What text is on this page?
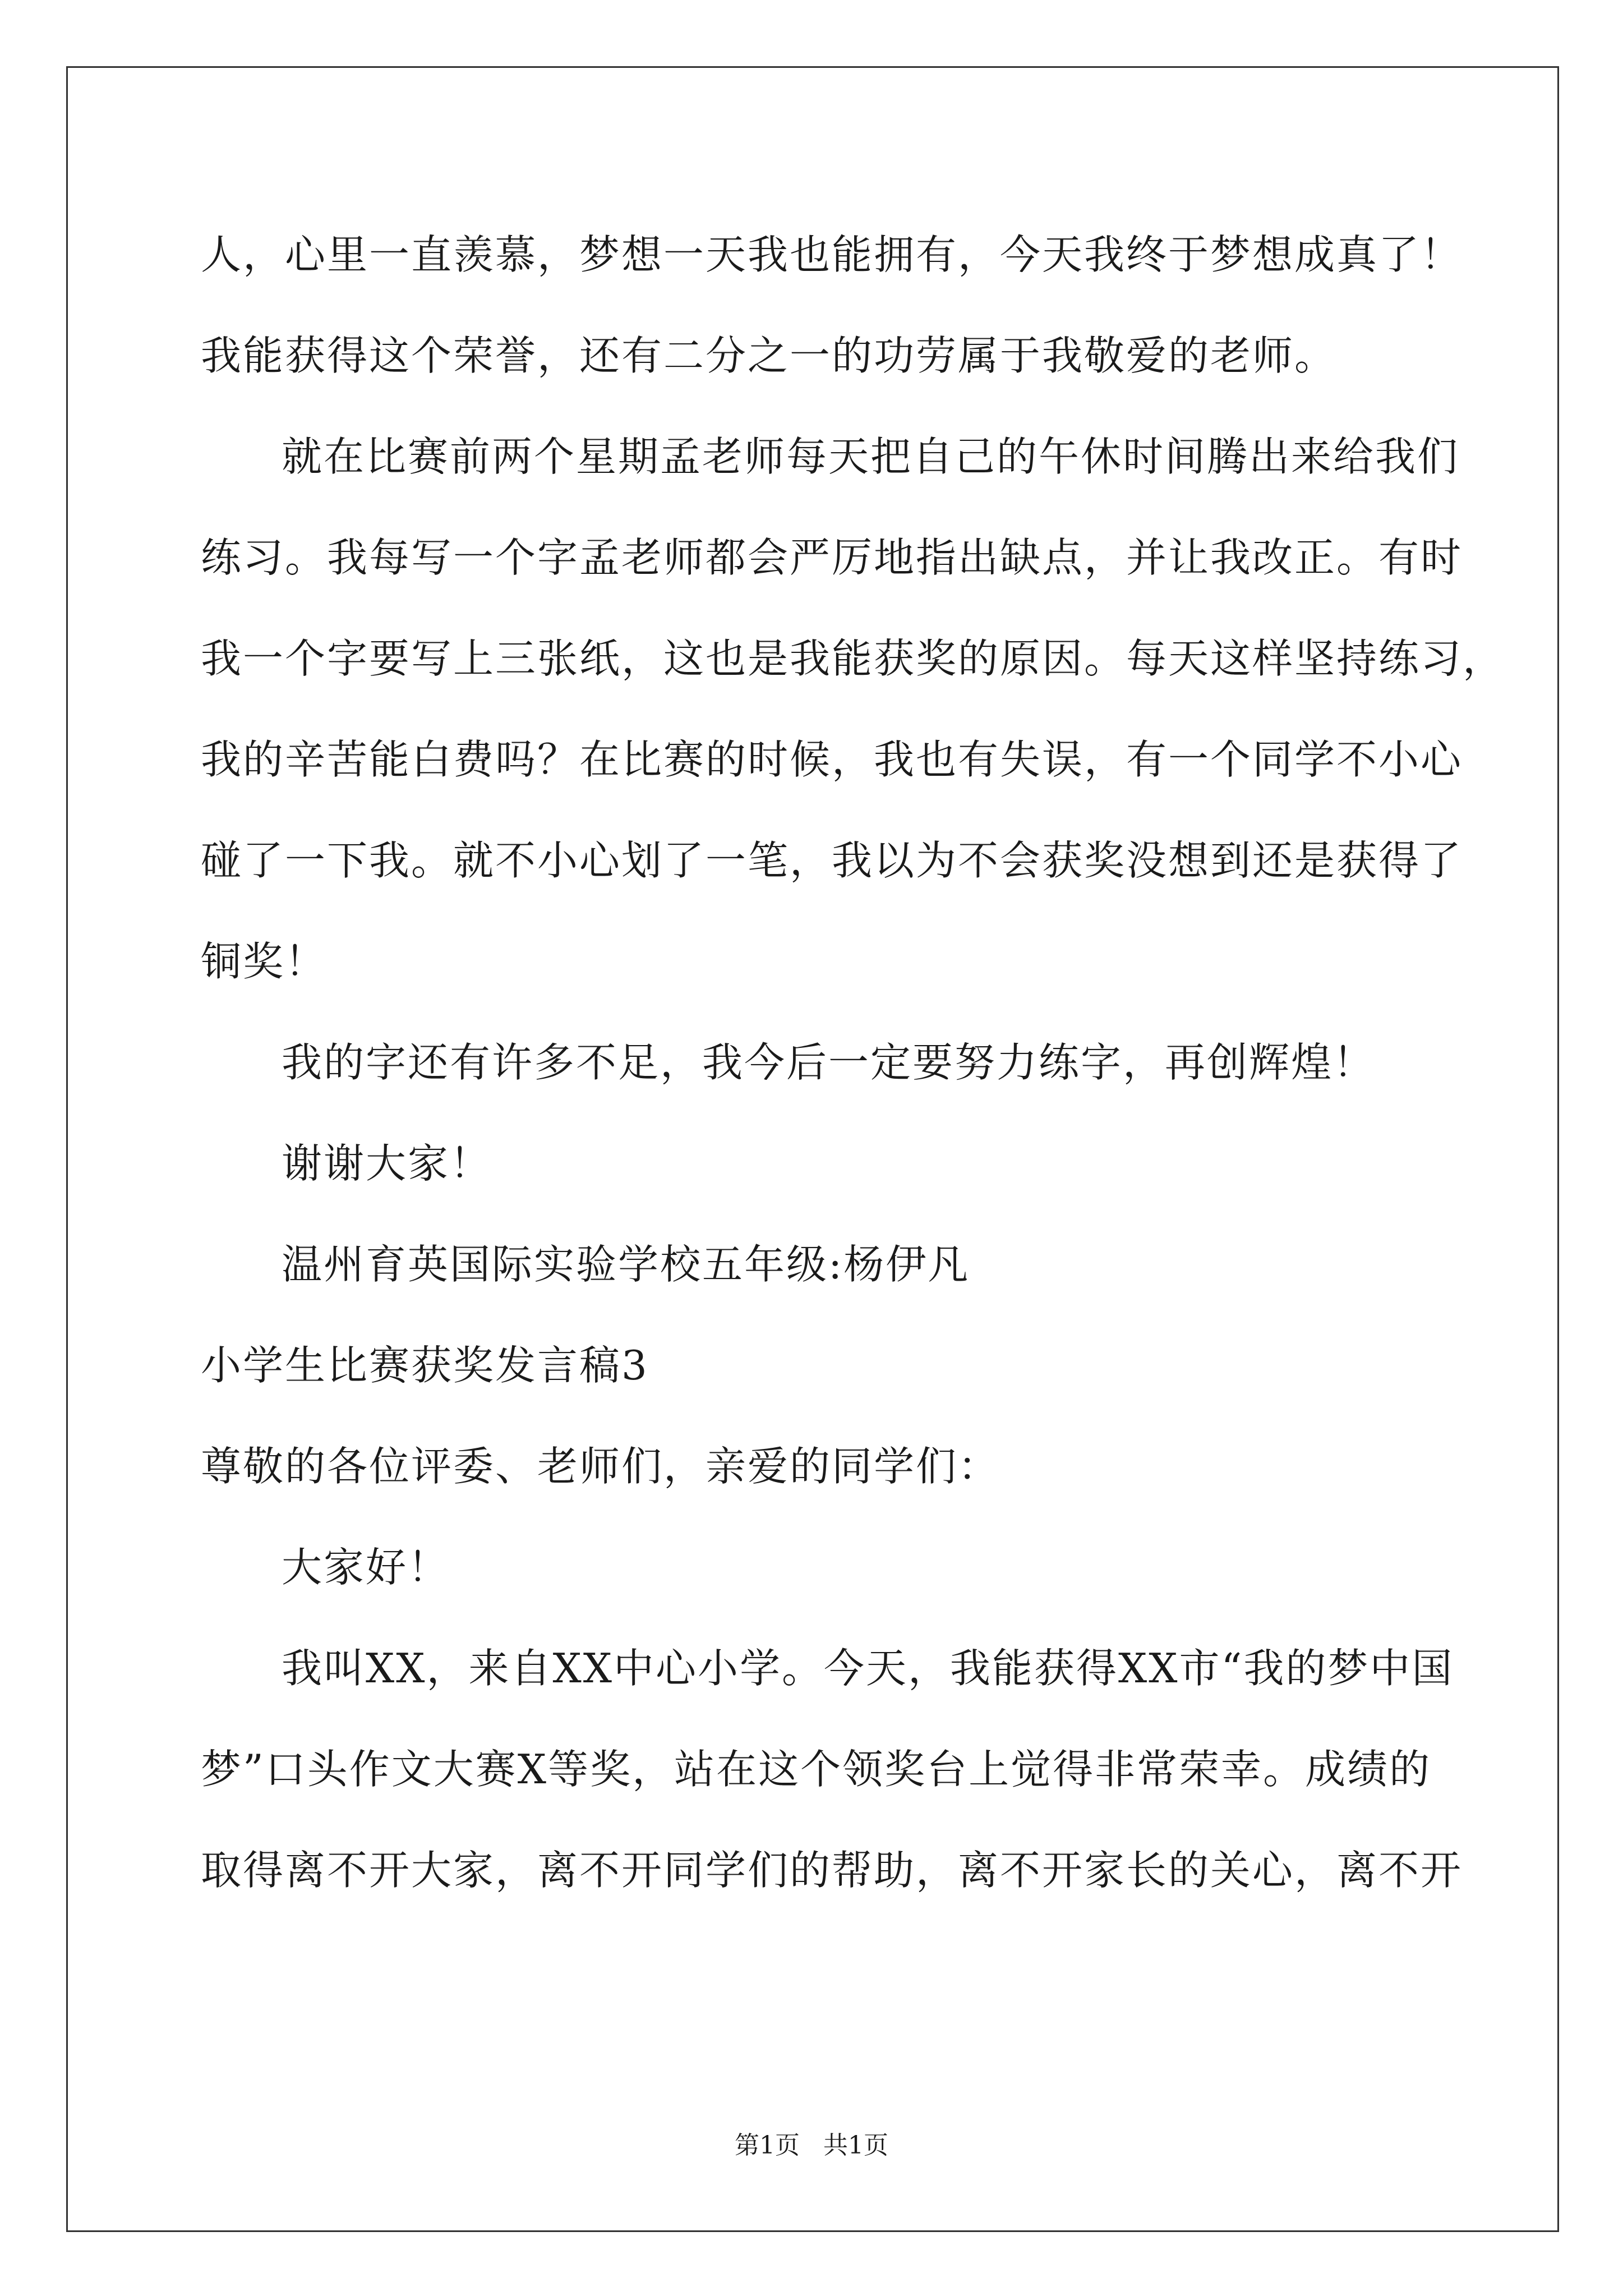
人，心里一直羡慕，梦想一天我也能拥有，今天我终于梦想成真了！
我能获得这个荣誉，还有二分之一的功劳属于我敬爱的老师。
就在比赛前两个星期孟老师每天把自己的午休时间腾出来给我们
练习。我每写一个字孟老师都会严厉地指出缺点，并让我改正。有时
我一个字要写上三张纸，这也是我能获奖的原因。每天这样坚持练习，
我的辛苦能白费吗？在比赛的时候，我也有失误，有一个同学不小心
碰了一下我。就不小心划了一笔，我以为不会获奖没想到还是获得了
铜奖！
我的字还有许多不足，我今后一定要努力练字，再创辉煌！
谢谢大家！
温州育英国际实验学校五年级:杨伊凡
小学生比赛获奖发言稿3
尊敬的各位评委、老师们，亲爱的同学们：
大家好！
我叫XX，来自XX中心小学。今天，我能获得XX市“我的梦中国
梦”口头作文大赛X等奖，站在这个领奖台上觉得非常荣幸。成绩的
取得离不开大家，离不开同学们的帮助，离不开家长的关心，离不开
第1页   共1页
